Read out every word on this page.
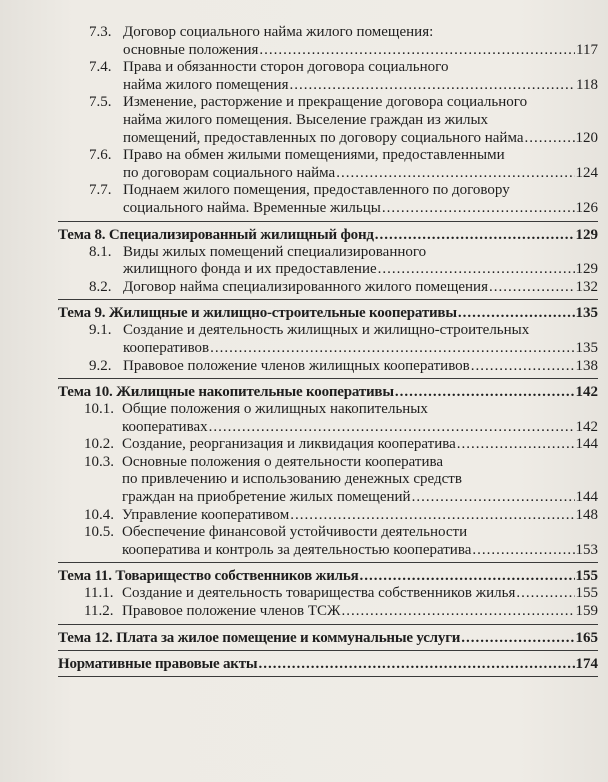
7.3. Договор социального найма жилого помещения:
основные положения .....	117
7.4. Права и обязанности сторон договора социального
найма жилого помещения .....	118
7.5. Изменение, расторжение и прекращение договора социального
найма жилого помещения. Выселение граждан из жилых
помещений, предоставленных по договору социального найма .....	120
7.6. Право на обмен жилыми помещениями, предоставленными
по договорам социального найма .....	124
7.7. Поднаем жилого помещения, предоставленного по договору
социального найма. Временные жильцы .....	126
Тема 8. Специализированный жилищный фонд .....	129
8.1. Виды жилых помещений специализированного
жилищного фонда и их предоставление .....	129
8.2. Договор найма специализированного жилого помещения .....	132
Тема 9. Жилищные и жилищно-строительные кооперативы .....	135
9.1. Создание и деятельность жилищных и жилищно-строительных
кооперативов .....	135
9.2. Правовое положение членов жилищных кооперативов .....	138
Тема 10. Жилищные накопительные кооперативы .....	142
10.1. Общие положения о жилищных накопительных
кооперативах .....	142
10.2. Создание, реорганизация и ликвидация кооператива .....	144
10.3. Основные положения о деятельности кооператива
по привлечению и использованию денежных средств
граждан на приобретение жилых помещений .....	144
10.4. Управление кооперативом .....	148
10.5. Обеспечение финансовой устойчивости деятельности
кооператива и контроль за деятельностью кооператива .....	153
Тема 11. Товарищество собственников жилья .....	155
11.1. Создание и деятельность товарищества собственников жилья .....	155
11.2. Правовое положение членов ТСЖ .....	159
Тема 12. Плата за жилое помещение и коммунальные услуги .....	165
Нормативные правовые акты .....	174
